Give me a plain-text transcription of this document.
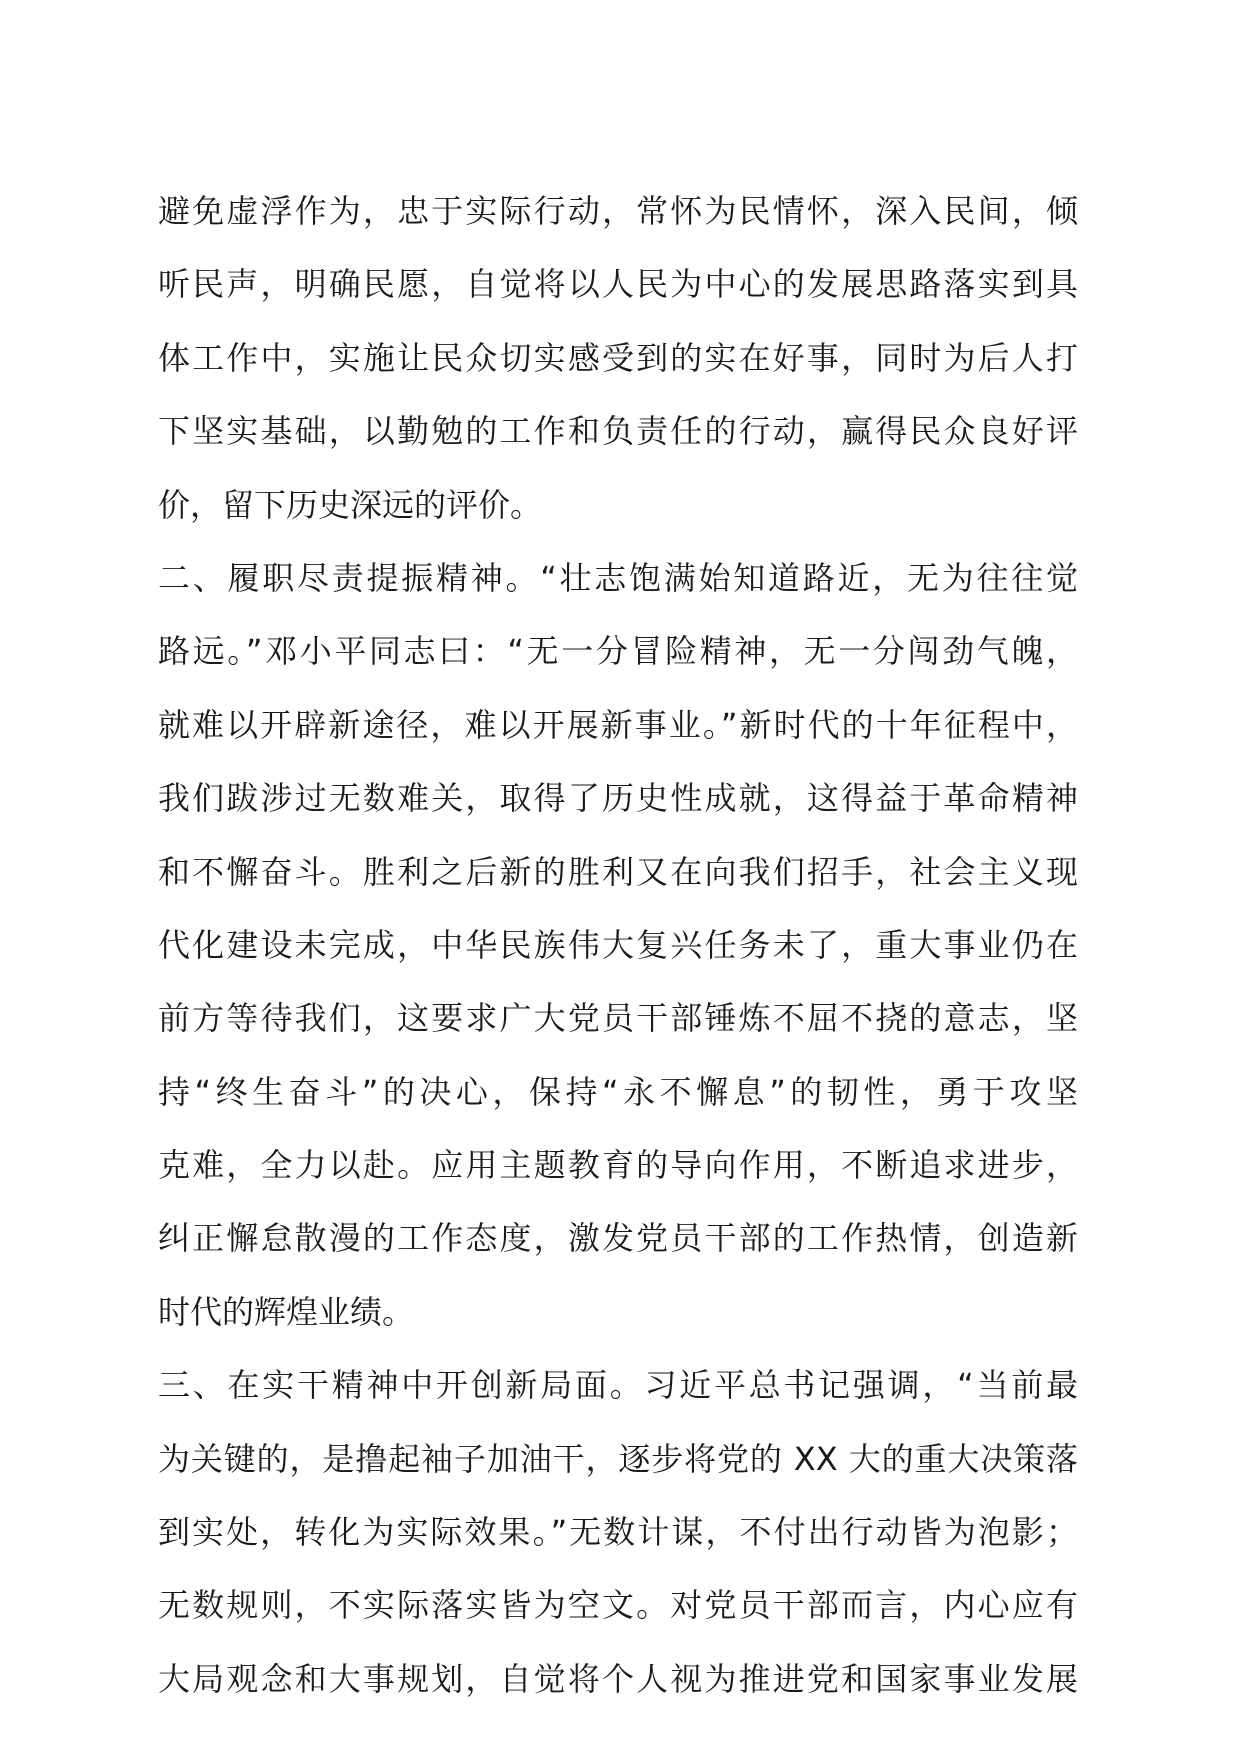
避免虚浮作为，忠于实际行动，常怀为民情怀，深入民间，倾
听民声，明确民愿，自觉将以人民为中心的发展思路落实到具
体工作中，实施让民众切实感受到的实在好事，同时为后人打
下坚实基础，以勤勉的工作和负责任的行动，赢得民众良好评
价，留下历史深远的评价。
二、履职尽责提振精神。“壮志饱满始知道路近，无为往往觉
路远。”邓小平同志曰：“无一分冒险精神，无一分闯劲气魄，
就难以开辟新途径，难以开展新事业。”新时代的十年征程中，
我们跋涉过无数难关，取得了历史性成就，这得益于革命精神
和不懈奋斗。胜利之后新的胜利又在向我们招手，社会主义现
代化建设未完成，中华民族伟大复兴任务未了，重大事业仍在
前方等待我们，这要求广大党员干部锤炼不屈不挠的意志，坚
持“终生奋斗”的决心，保持“永不懈息”的韧性，勇于攻坚
克难，全力以赴。应用主题教育的导向作用，不断追求进步，
纠正懈怠散漫的工作态度，激发党员干部的工作热情，创造新
时代的辉煌业绩。
三、在实干精神中开创新局面。习近平总书记强调，“当前最
为关键的，是撸起袖子加油干，逐步将党的 XX 大的重大决策落
到实处，转化为实际效果。”无数计谋，不付出行动皆为泡影；
无数规则，不实际落实皆为空文。对党员干部而言，内心应有
大局观念和大事规划，自觉将个人视为推进党和国家事业发展
